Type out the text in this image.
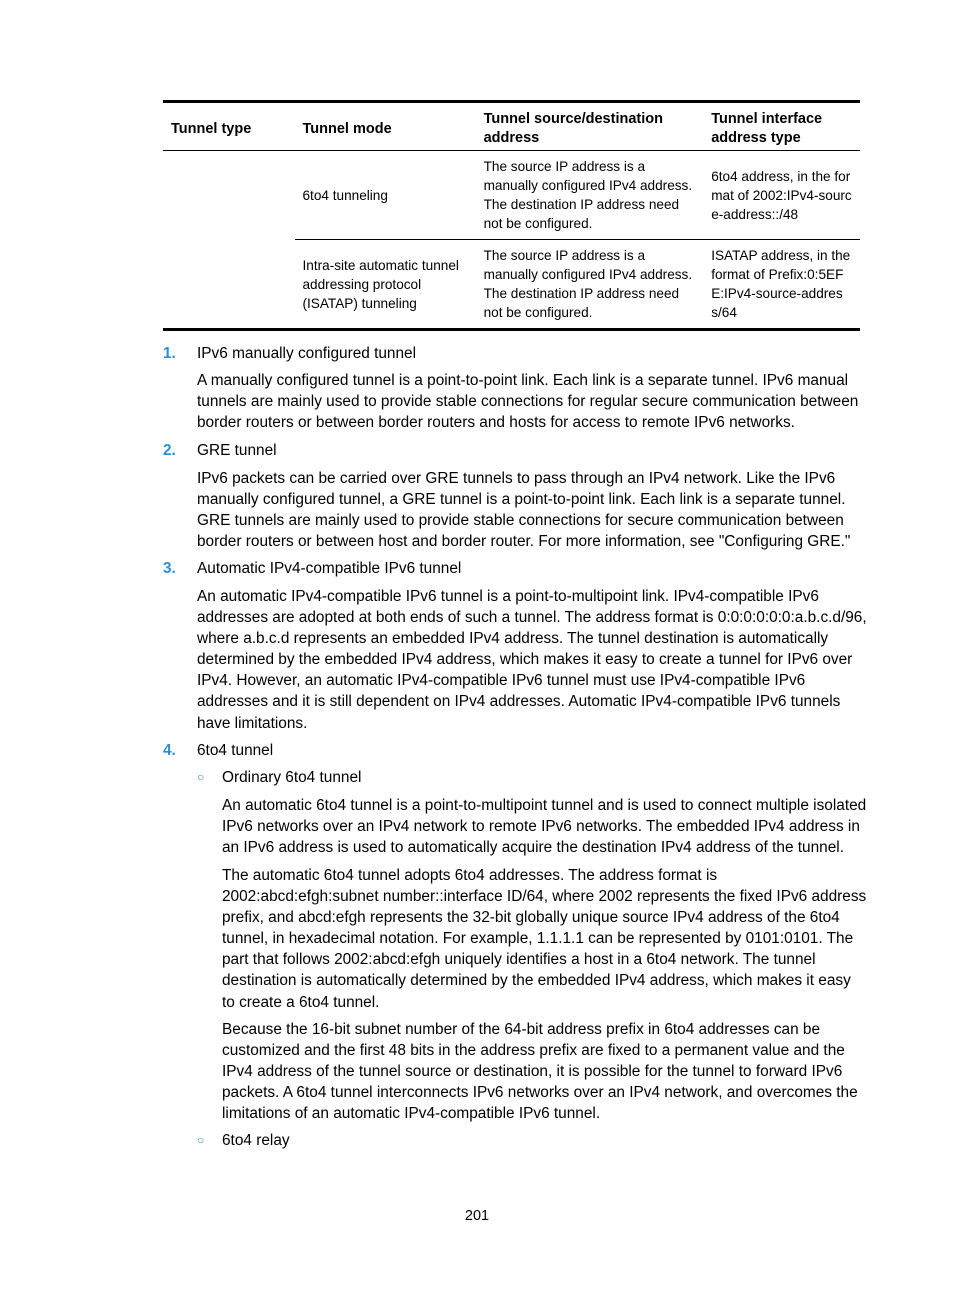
Tunnel type	Tunnel mode	Tunnel source/destination address	Tunnel interface address type
	6to4 tunneling	The source IP address is a manually configured IPv4 address. The destination IP address need not be configured.	6to4 address, in the format of 2002:IPv4-source-address::/48
	Intra-site automatic tunnel addressing protocol (ISATAP) tunneling	The source IP address is a manually configured IPv4 address. The destination IP address need not be configured.	ISATAP address, in the format of Prefix:0:5EFE:IPv4-source-address/64
1.	IPv6 manually configured tunnel
A manually configured tunnel is a point-to-point link. Each link is a separate tunnel. IPv6 manual tunnels are mainly used to provide stable connections for regular secure communication between border routers or between border routers and hosts for access to remote IPv6 networks.
2.	GRE tunnel
IPv6 packets can be carried over GRE tunnels to pass through an IPv4 network. Like the IPv6 manually configured tunnel, a GRE tunnel is a point-to-point link. Each link is a separate tunnel. GRE tunnels are mainly used to provide stable connections for secure communication between border routers or between host and border router. For more information, see "Configuring GRE."
3.	Automatic IPv4-compatible IPv6 tunnel
An automatic IPv4-compatible IPv6 tunnel is a point-to-multipoint link. IPv4-compatible IPv6 addresses are adopted at both ends of such a tunnel. The address format is 0:0:0:0:0:0:a.b.c.d/96, where a.b.c.d represents an embedded IPv4 address. The tunnel destination is automatically determined by the embedded IPv4 address, which makes it easy to create a tunnel for IPv6 over IPv4. However, an automatic IPv4-compatible IPv6 tunnel must use IPv4-compatible IPv6 addresses and it is still dependent on IPv4 addresses. Automatic IPv4-compatible IPv6 tunnels have limitations.
4.	6to4 tunnel
○ Ordinary 6to4 tunnel
An automatic 6to4 tunnel is a point-to-multipoint tunnel and is used to connect multiple isolated IPv6 networks over an IPv4 network to remote IPv6 networks. The embedded IPv4 address in an IPv6 address is used to automatically acquire the destination IPv4 address of the tunnel.
The automatic 6to4 tunnel adopts 6to4 addresses. The address format is 2002:abcd:efgh:subnet number::interface ID/64, where 2002 represents the fixed IPv6 address prefix, and abcd:efgh represents the 32-bit globally unique source IPv4 address of the 6to4 tunnel, in hexadecimal notation. For example, 1.1.1.1 can be represented by 0101:0101. The part that follows 2002:abcd:efgh uniquely identifies a host in a 6to4 network. The tunnel destination is automatically determined by the embedded IPv4 address, which makes it easy to create a 6to4 tunnel.
Because the 16-bit subnet number of the 64-bit address prefix in 6to4 addresses can be customized and the first 48 bits in the address prefix are fixed to a permanent value and the IPv4 address of the tunnel source or destination, it is possible for the tunnel to forward IPv6 packets. A 6to4 tunnel interconnects IPv6 networks over an IPv4 network, and overcomes the limitations of an automatic IPv4-compatible IPv6 tunnel.
○ 6to4 relay
201
